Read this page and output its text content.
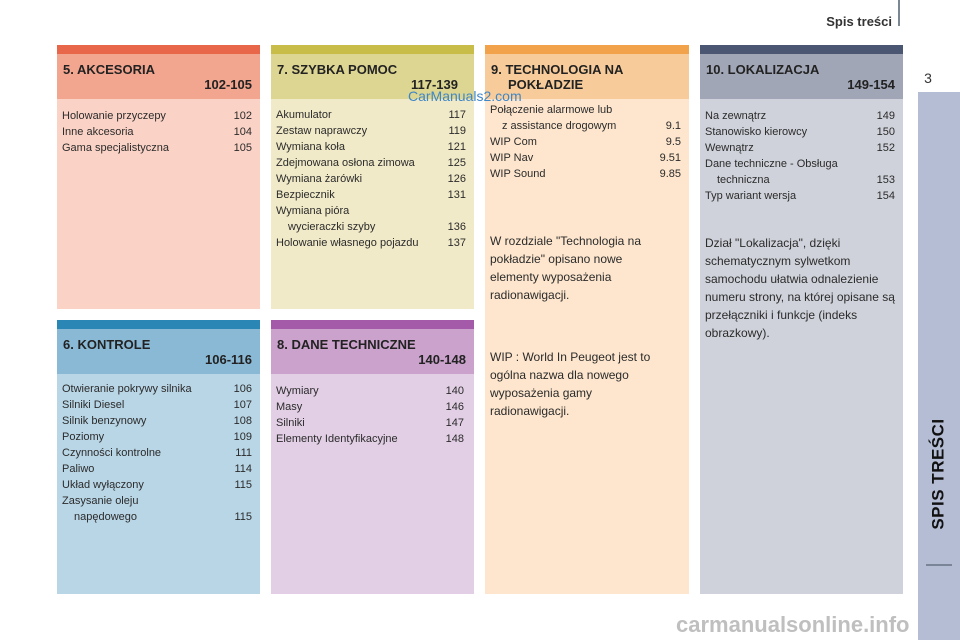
Spis treści
3
SPIS TREŚCI
5. AKCESORIA
102-105
Holowanie przyczepy	102
Inne akcesoria	104
Gama specjalistyczna	105
7. SZYBKA POMOC
117-139
Akumulator	117
Zestaw naprawczy	119
Wymiana koła	121
Zdejmowana osłona zimowa	125
Wymiana żarówki	126
Bezpiecznik	131
Wymiana pióra
wycieraczki szyby	136
Holowanie własnego pojazdu	137
9. TECHNOLOGIA NA
POKŁADZIE
Połączenie alarmowe lub
z assistance drogowym	9.1
WIP Com	9.5
WIP Nav	9.51
WIP Sound	9.85

W rozdziale "Technologia na pokładzie" opisano nowe elementy wyposażenia radionawigacji.

WIP : World In Peugeot jest to ogólna nazwa dla nowego wyposażenia gamy radionawigacji.

10. LOKALIZACJA
149-154
Na zewnątrz	149
Stanowisko kierowcy	150
Wewnątrz	152
Dane techniczne - Obsługa
techniczna	153
Typ wariant wersja	154

Dział "Lokalizacja", dzięki schematycznym sylwetkom samochodu ułatwia odnalezienie numeru strony, na której opisane są przełączniki i funkcje (indeks obrazkowy).

6. KONTROLE
106-116
Otwieranie pokrywy silnika	106
Silniki Diesel	107
Silnik benzynowy	108
Poziomy	109
Czynności kontrolne	111
Paliwo	114
Układ wyłączony	115
Zasysanie oleju
napędowego	115
8. DANE TECHNICZNE
140-148
Wymiary	140
Masy	146
Silniki	147
Elementy Identyfikacyjne	148
CarManuals2.com
carmanualsonline.info
